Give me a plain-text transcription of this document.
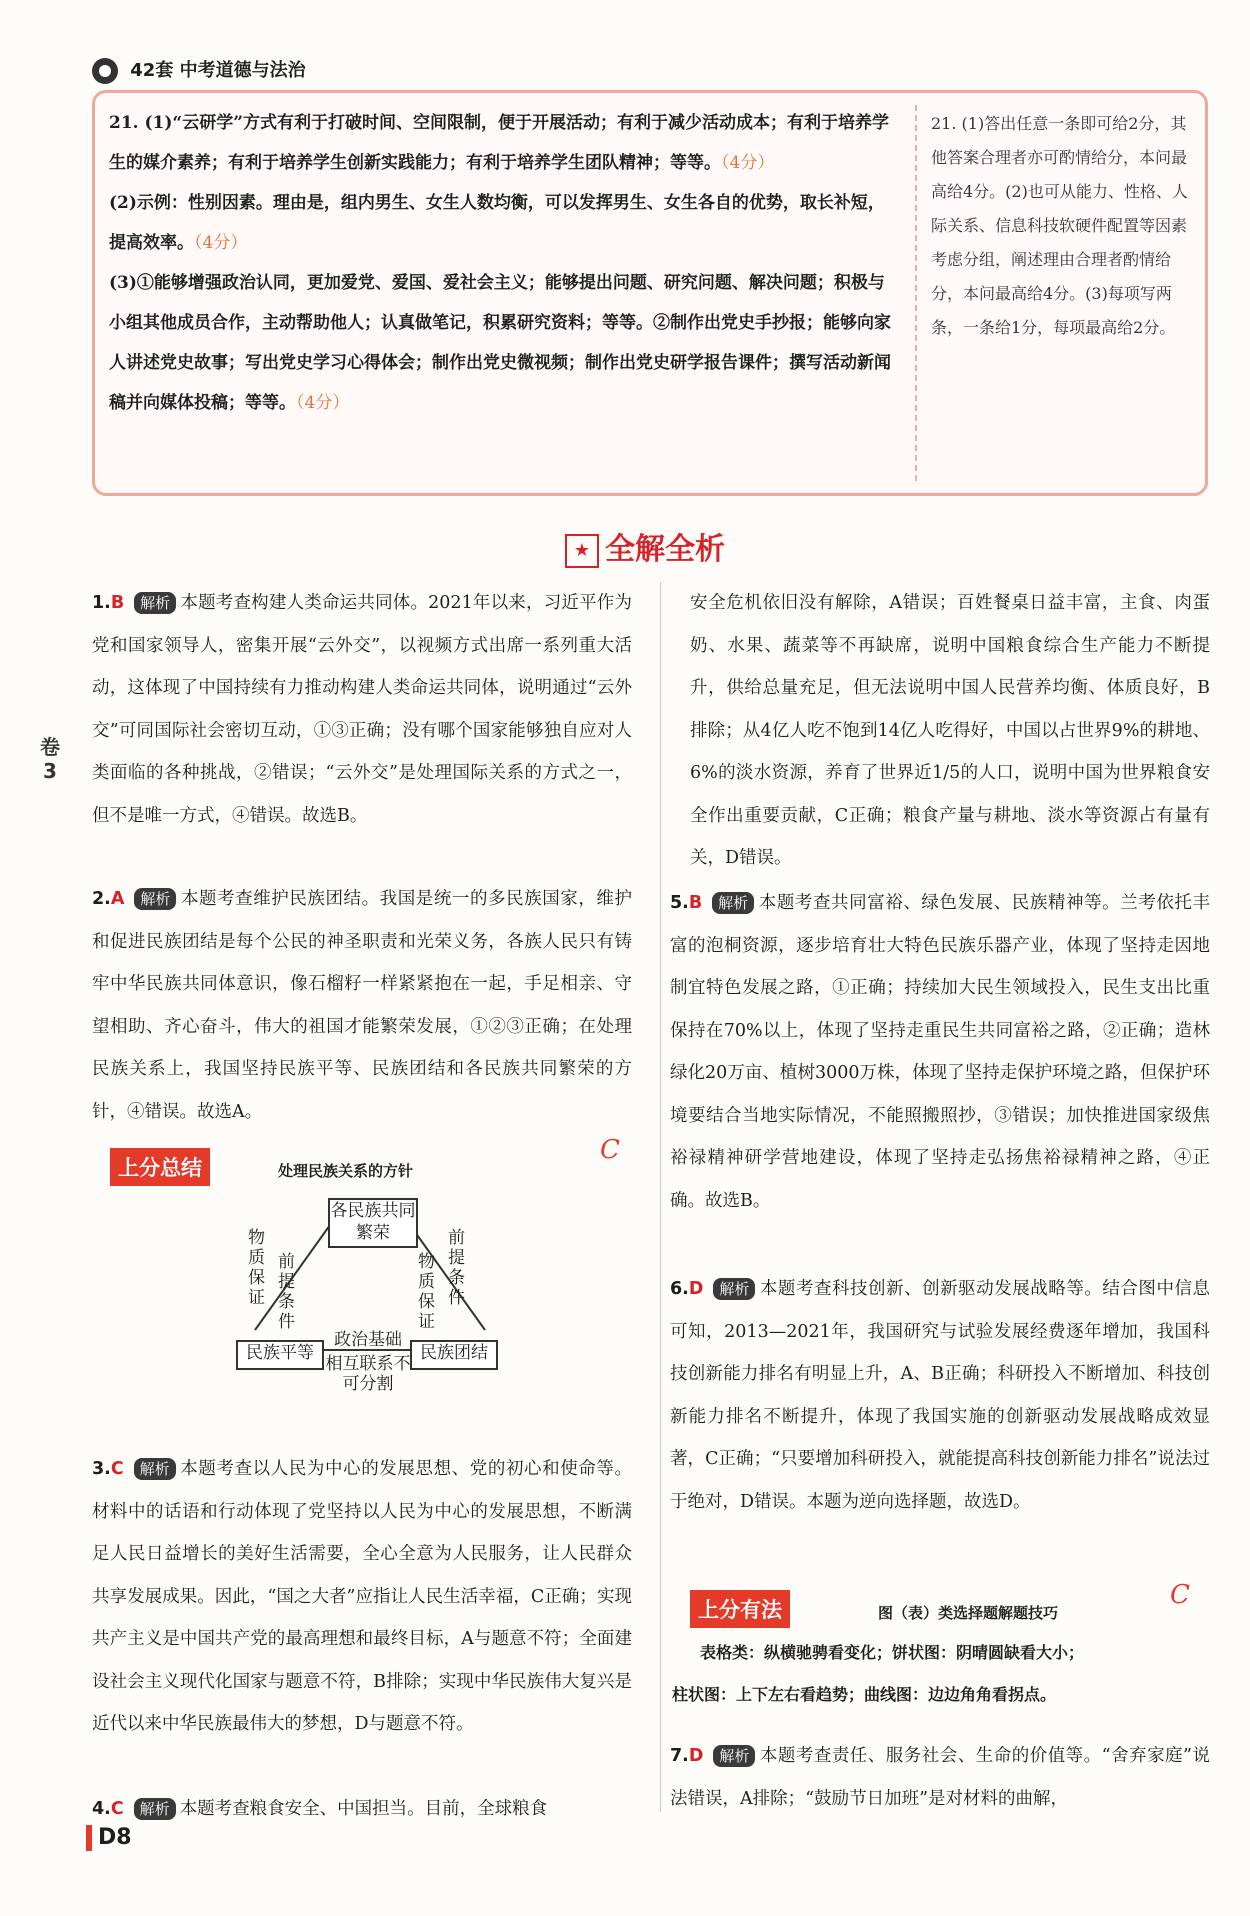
42套 中考道德与法治
21. (1)“云研学”方式有利于打破时间、空间限制，便于开展活动；有利于减少活动成本；有利于培养学生的媒介素养；有利于培养学生创新实践能力；有利于培养学生团队精神；等等。（4分）
(2)示例：性别因素。理由是，组内男生、女生人数均衡，可以发挥男生、女生各自的优势，取长补短，提高效率。（4分）
(3)①能够增强政治认同，更加爱党、爱国、爱社会主义；能够提出问题、研究问题、解决问题；积极与小组其他成员合作，主动帮助他人；认真做笔记，积累研究资料；等等。②制作出党史手抄报；能够向家人讲述党史故事；写出党史学习心得体会；制作出党史微视频；制作出党史研学报告课件；撰写活动新闻稿并向媒体投稿；等等。（4分）
21. (1)答出任意一条即可给2分，其他答案合理者亦可酌情给分，本问最高给4分。(2)也可从能力、性格、人际关系、信息科技软硬件配置等因素考虑分组，阐述理由合理者酌情给分，本问最高给4分。(3)每项写两条，一条给1分，每项最高给2分。
★ 全解全析
卷3
1.B 解析 本题考查构建人类命运共同体。2021年以来，习近平作为党和国家领导人，密集开展“云外交”，以视频方式出席一系列重大活动，这体现了中国持续有力推动构建人类命运共同体，说明通过“云外交”可同国际社会密切互动，①③正确；没有哪个国家能够独自应对人类面临的各种挑战，②错误；“云外交”是处理国际关系的方式之一，但不是唯一方式，④错误。故选B。
2.A 解析 本题考查维护民族团结。我国是统一的多民族国家，维护和促进民族团结是每个公民的神圣职责和光荣义务，各族人民只有铸牢中华民族共同体意识，像石榴籽一样紧紧抱在一起，手足相亲、守望相助、齐心奋斗，伟大的祖国才能繁荣发展，①②③正确；在处理民族关系上，我国坚持民族平等、民族团结和各民族共同繁荣的方针，④错误。故选A。
上分总结	处理民族关系的方针
C
各民族共同繁荣
民族平等	民族团结
政治基础
相互联系不可分割
物质保证
前提条件
前提条件
物质保证
3.C 解析 本题考查以人民为中心的发展思想、党的初心和使命等。材料中的话语和行动体现了党坚持以人民为中心的发展思想，不断满足人民日益增长的美好生活需要，全心全意为人民服务，让人民群众共享发展成果。因此，“国之大者”应指让人民生活幸福，C正确；实现共产主义是中国共产党的最高理想和最终目标，A与题意不符；全面建设社会主义现代化国家与题意不符，B排除；实现中华民族伟大复兴是近代以来中华民族最伟大的梦想，D与题意不符。
4.C 解析 本题考查粮食安全、中国担当。目前，全球粮食
安全危机依旧没有解除，A错误；百姓餐桌日益丰富，主食、肉蛋奶、水果、蔬菜等不再缺席，说明中国粮食综合生产能力不断提升，供给总量充足，但无法说明中国人民营养均衡、体质良好，B排除；从4亿人吃不饱到14亿人吃得好，中国以占世界9%的耕地、6%的淡水资源，养育了世界近1/5的人口，说明中国为世界粮食安全作出重要贡献，C正确；粮食产量与耕地、淡水等资源占有量有关，D错误。
5.B 解析 本题考查共同富裕、绿色发展、民族精神等。兰考依托丰富的泡桐资源，逐步培育壮大特色民族乐器产业，体现了坚持走因地制宜特色发展之路，①正确；持续加大民生领域投入，民生支出比重保持在70%以上，体现了坚持走重民生共同富裕之路，②正确；造林绿化20万亩、植树3000万株，体现了坚持走保护环境之路，但保护环境要结合当地实际情况，不能照搬照抄，③错误；加快推进国家级焦裕禄精神研学营地建设，体现了坚持走弘扬焦裕禄精神之路，④正确。故选B。
6.D 解析 本题考查科技创新、创新驱动发展战略等。结合图中信息可知，2013—2021年，我国研究与试验发展经费逐年增加，我国科技创新能力排名有明显上升，A、B正确；科研投入不断增加、科技创新能力排名不断提升，体现了我国实施的创新驱动发展战略成效显著，C正确；“只要增加科研投入，就能提高科技创新能力排名”说法过于绝对，D错误。本题为逆向选择题，故选D。
上分有法	图（表）类选择题解题技巧
C
表格类：纵横驰骋看变化；饼状图：阴晴圆缺看大小；
柱状图：上下左右看趋势；曲线图：边边角角看拐点。
7.D 解析 本题考查责任、服务社会、生命的价值等。“舍弃家庭”说法错误，A排除；“鼓励节日加班”是对材料的曲解，
D8
